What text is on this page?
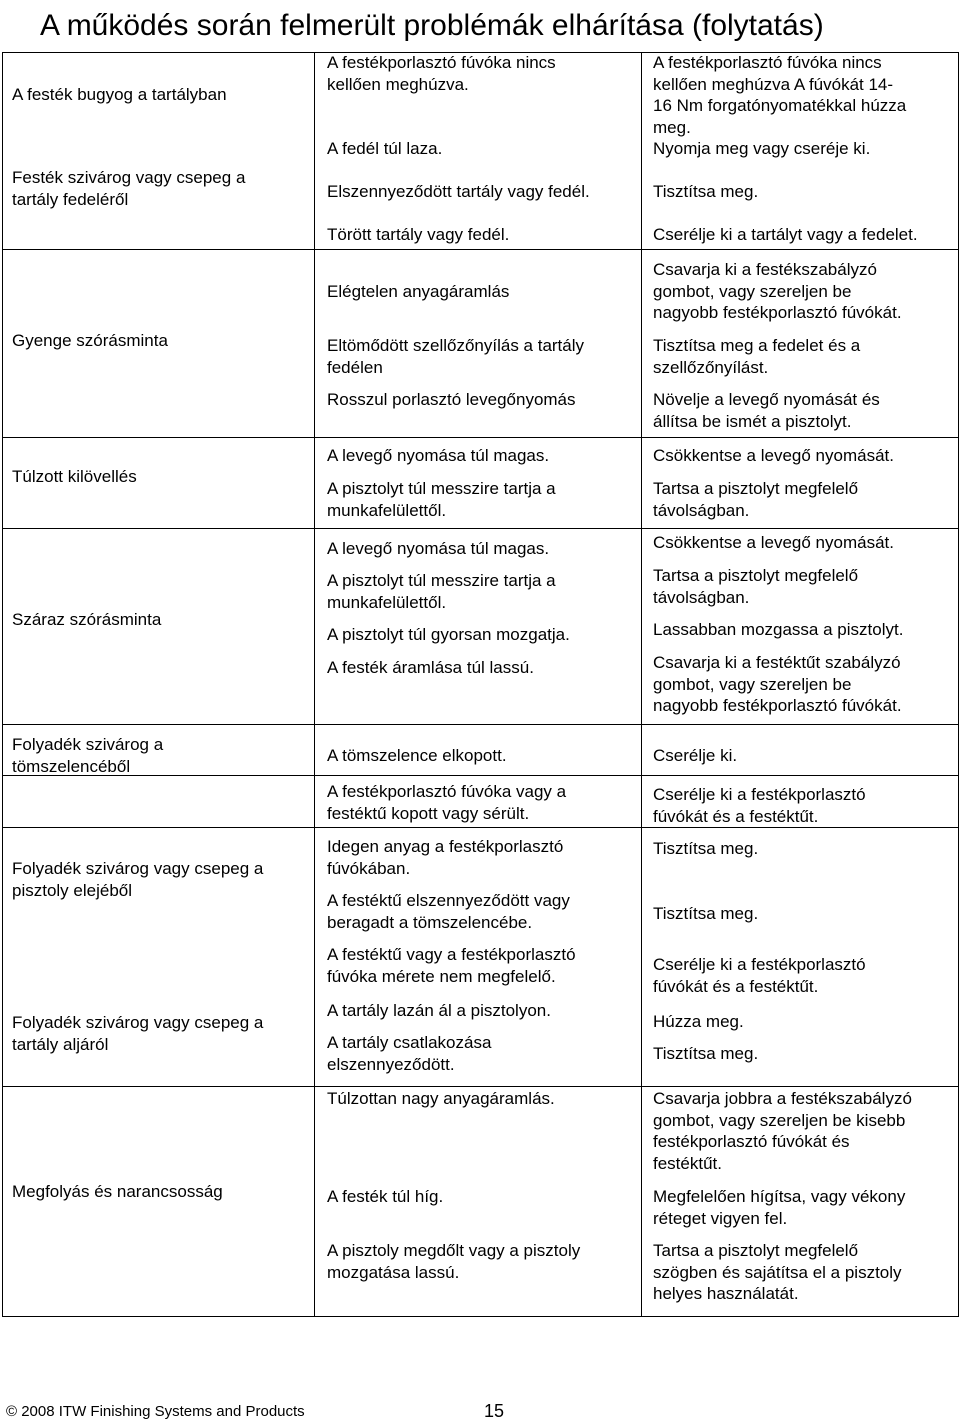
A működés során felmerült problémák elhárítása (folytatás)
A festék bugyog a tartályban
Festék szivárog vagy csepeg a
tartály fedeléről
Gyenge szórásminta
Túlzott kilövellés
Száraz szórásminta
Folyadék szivárog a
tömszelencéből
Folyadék szivárog vagy csepeg a
pisztoly elejéből
Folyadék szivárog vagy csepeg a
tartály aljáról
Megfolyás és narancsosság
A festékporlasztó fúvóka nincs
kellően meghúzva.
A fedél túl laza.
Elszennyeződött tartály vagy fedél.
Törött tartály vagy fedél.
Elégtelen anyagáramlás
Eltömődött szellőzőnyílás a tartály
fedélen
Rosszul porlasztó levegőnyomás
A levegő nyomása túl magas.
A pisztolyt túl messzire tartja a
munkafelülettől.
A levegő nyomása túl magas.
A pisztolyt túl messzire tartja a
munkafelülettől.
A pisztolyt túl gyorsan mozgatja.
A festék áramlása túl lassú.
A tömszelence elkopott.
A festékporlasztó fúvóka vagy a
festéktű kopott vagy sérült.
Idegen anyag a festékporlasztó
fúvókában.
A festéktű elszennyeződött vagy
beragadt a tömszelencébe.
A festéktű vagy a festékporlasztó
fúvóka mérete nem megfelelő.
A tartály lazán ál a pisztolyon.
A tartály csatlakozása
elszennyeződött.
Túlzottan nagy anyagáramlás.
A festék túl híg.
A pisztoly megdőlt vagy a pisztoly
mozgatása lassú.
A festékporlasztó fúvóka nincs
kellően meghúzva A fúvókát 14-
16 Nm forgatónyomatékkal húzza
meg.
Nyomja meg vagy cseréje ki.
Tisztítsa meg.
Cserélje ki a tartályt vagy a fedelet.
Csavarja ki a festékszabályzó
gombot, vagy szereljen be
nagyobb festékporlasztó fúvókát.
Tisztítsa meg a fedelet és a
szellőzőnyílást.
Növelje a levegő nyomását és
állítsa be ismét a pisztolyt.
Csökkentse a levegő nyomását.
Tartsa a pisztolyt megfelelő
távolságban.
Csökkentse a levegő nyomását.
Tartsa a pisztolyt megfelelő
távolságban.
Lassabban mozgassa a pisztolyt.
Csavarja ki a festéktűt szabályzó
gombot, vagy szereljen be
nagyobb festékporlasztó fúvókát.
Cserélje ki.
Cserélje ki a festékporlasztó
fúvókát és a festéktűt.
Tisztítsa meg.
Tisztítsa meg.
Cserélje ki a festékporlasztó
fúvókát és a festéktűt.
Húzza meg.
Tisztítsa meg.
Csavarja jobbra a festékszabályzó
gombot, vagy szereljen be kisebb
festékporlasztó fúvókát és
festéktűt.
Megfelelően hígítsa, vagy vékony
réteget vigyen fel.
Tartsa a pisztolyt megfelelő
szögben és sajátítsa el a pisztoly
helyes használatát.
© 2008 ITW Finishing Systems and Products	15
